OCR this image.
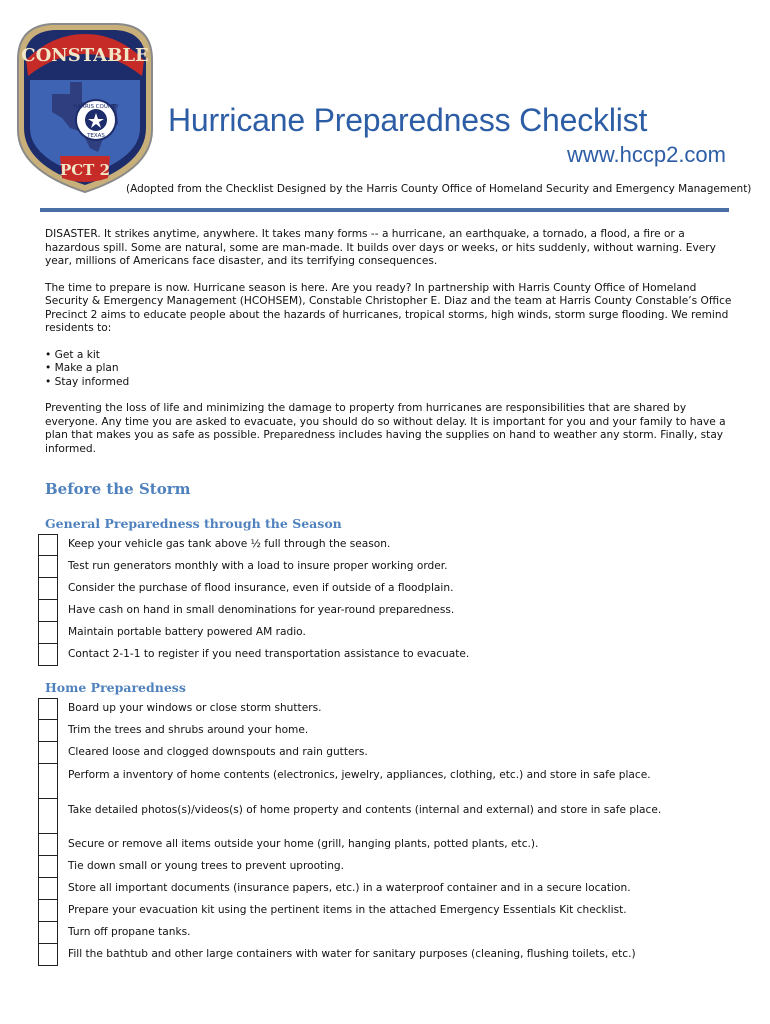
CONSTABLE
PCT 2
HARRIS COUNTY
TEXAS Hurricane Preparedness Checklist
www.hccp2.com
(Adopted from the Checklist Designed by the Harris County Office of Homeland Security and Emergency Management)

DISASTER. It strikes anytime, anywhere. It takes many forms -- a hurricane, an earthquake, a tornado, a flood, a fire or a hazardous spill. Some are natural, some are man-made. It builds over days or weeks, or hits suddenly, without warning. Every year, millions of Americans face disaster, and its terrifying consequences.

The time to prepare is now. Hurricane season is here. Are you ready? In partnership with Harris County Office of Homeland Security & Emergency Management (HCOHSEM), Constable Christopher E. Diaz and the team at Harris County Constable’s Office Precinct 2 aims to educate people about the hazards of hurricanes, tropical storms, high winds, storm surge flooding. We remind residents to:

• Get a kit
• Make a plan
• Stay informed

Preventing the loss of life and minimizing the damage to property from hurricanes are responsibilities that are shared by everyone. Any time you are asked to evacuate, you should do so without delay. It is important for you and your family to have a plan that makes you as safe as possible. Preparedness includes having the supplies on hand to weather any storm. Finally, stay informed.

Before the Storm
General Preparedness through the Season
Keep your vehicle gas tank above ½ full through the season.
Test run generators monthly with a load to insure proper working order.
Consider the purchase of flood insurance, even if outside of a floodplain.
Have cash on hand in small denominations for year-round preparedness.
Maintain portable battery powered AM radio.
Contact 2-1-1 to register if you need transportation assistance to evacuate.
Home Preparedness
Board up your windows or close storm shutters.
Trim the trees and shrubs around your home.
Cleared loose and clogged downspouts and rain gutters.
Perform a inventory of home contents (electronics, jewelry, appliances, clothing, etc.) and store in safe place.
Take detailed photos(s)/videos(s) of home property and contents (internal and external) and store in safe place.
Secure or remove all items outside your home (grill, hanging plants, potted plants, etc.).
Tie down small or young trees to prevent uprooting.
Store all important documents (insurance papers, etc.) in a waterproof container and in a secure location.
Prepare your evacuation kit using the pertinent items in the attached Emergency Essentials Kit checklist.
Turn off propane tanks.
Fill the bathtub and other large containers with water for sanitary purposes (cleaning, flushing toilets, etc.)
